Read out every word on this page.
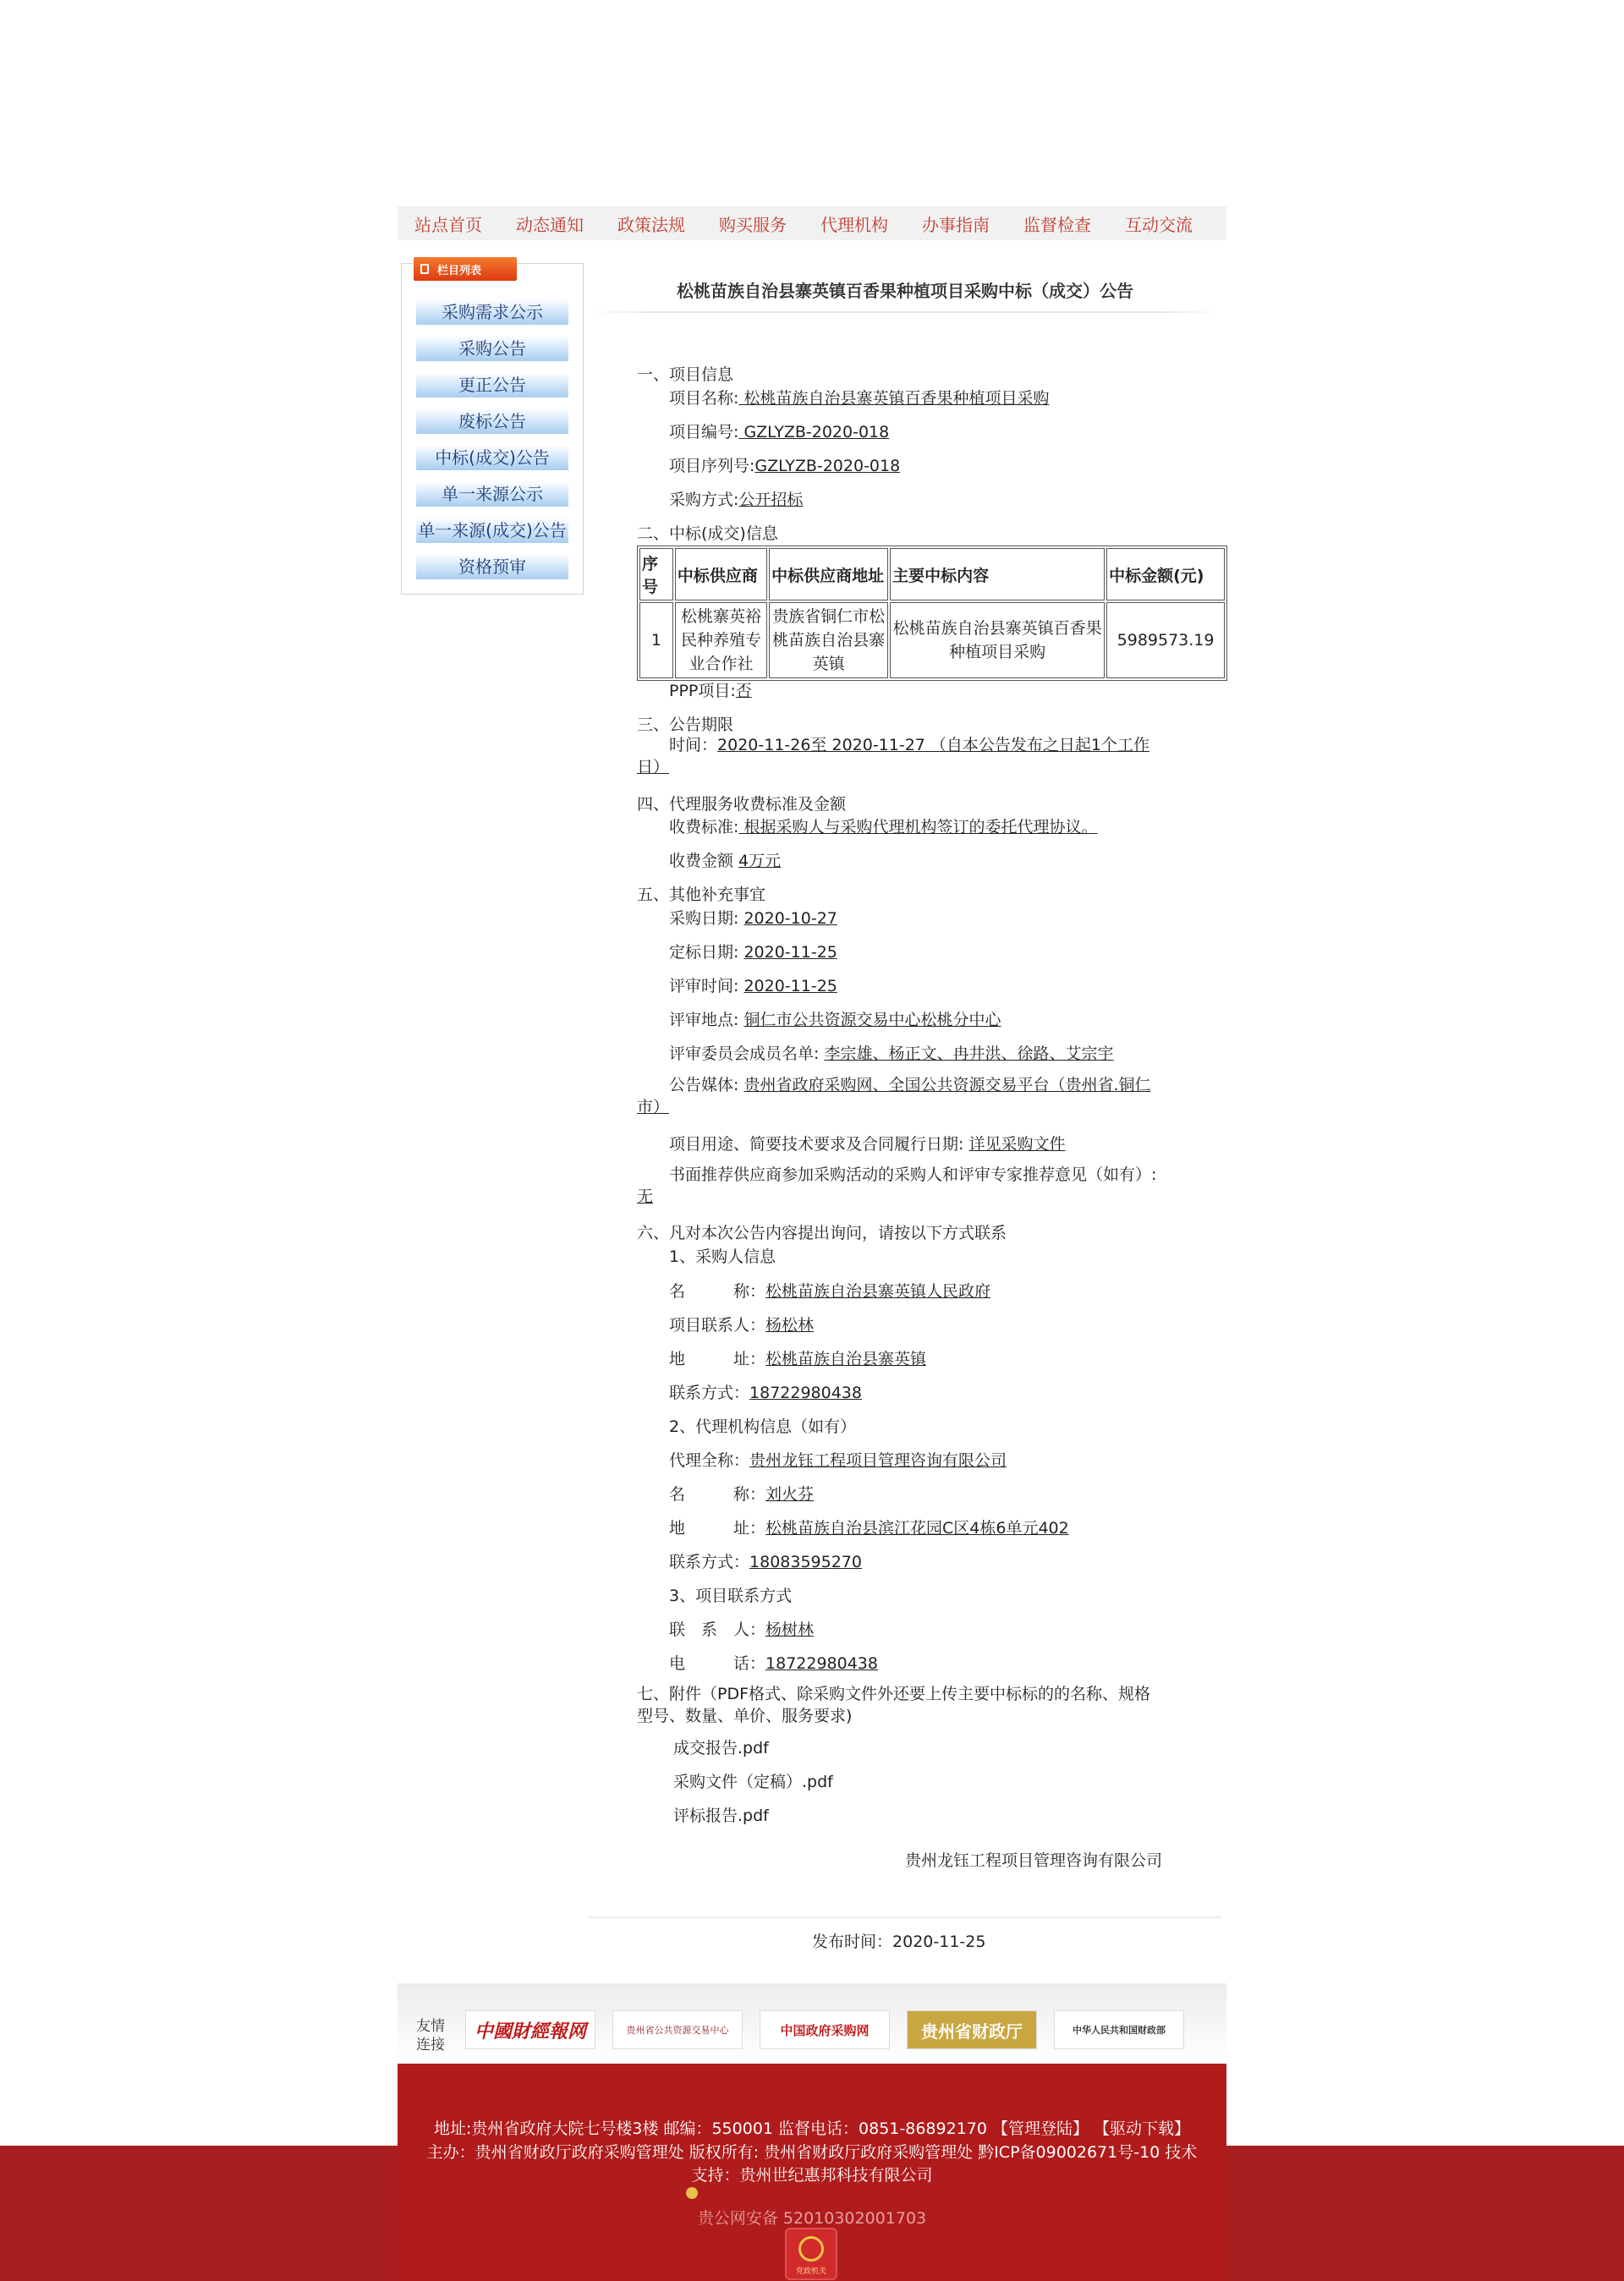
站点首页	动态通知	政策法规	购买服务	代理机构	办事指南	监督检查	互动交流
栏目列表
采购需求公示
采购公告
更正公告
废标公告
中标(成交)公告
单一来源公示
单一来源(成交)公告
资格预审
松桃苗族自治县寨英镇百香果种植项目采购中标（成交）公告
一、项目信息
项目名称: 松桃苗族自治县寨英镇百香果种植项目采购
项目编号: GZLYZB-2020-018
项目序列号:GZLYZB-2020-018
采购方式:公开招标
二、中标(成交)信息
序号	中标供应商	中标供应商地址	主要中标内容	中标金额(元)
1	松桃寨英裕民种养殖专业合作社	贵族省铜仁市松桃苗族自治县寨英镇	松桃苗族自治县寨英镇百香果种植项目采购	5989573.19
PPP项目:否
三、公告期限
时间：2020-11-26至 2020-11-27 （自本公告发布之日起1个工作日）
四、代理服务收费标准及金额
收费标准: 根据采购人与采购代理机构签订的委托代理协议。
收费金额 4万元
五、其他补充事宜
采购日期: 2020-10-27
定标日期: 2020-11-25
评审时间: 2020-11-25
评审地点: 铜仁市公共资源交易中心松桃分中心
评审委员会成员名单: 李宗雄、杨正文、冉井洪、徐路、艾宗宇
公告媒体: 贵州省政府采购网、全国公共资源交易平台（贵州省.铜仁市）
项目用途、简要技术要求及合同履行日期: 详见采购文件
书面推荐供应商参加采购活动的采购人和评审专家推荐意见（如有）: 无
六、凡对本次公告内容提出询问，请按以下方式联系
1、采购人信息
名　　　称：松桃苗族自治县寨英镇人民政府
项目联系人：杨松林
地　　　址：松桃苗族自治县寨英镇
联系方式：18722980438
2、代理机构信息（如有）
代理全称：贵州龙钰工程项目管理咨询有限公司
名　　　称：刘火芬
地　　　址：松桃苗族自治县滨江花园C区4栋6单元402
联系方式：18083595270
3、项目联系方式
联　系　人：杨树林
电　　　话：18722980438
七、附件（PDF格式、除采购文件外还要上传主要中标标的的名称、规格型号、数量、单价、服务要求)
成交报告.pdf
采购文件（定稿）.pdf
评标报告.pdf
贵州龙钰工程项目管理咨询有限公司
发布时间：2020-11-25
友情
连接
中國財經報网	贵州省公共资源交易中心	中国政府采购网	贵州省财政厅	中华人民共和国财政部
地址:贵州省政府大院七号楼3楼 邮编：550001 监督电话：0851-86892170 【管理登陆】 【驱动下载】
主办：贵州省财政厅政府采购管理处 版权所有: 贵州省财政厅政府采购管理处 黔ICP备09002671号-10 技术
支持：贵州世纪惠邦科技有限公司
贵公网安备 52010302001703
党政机关
